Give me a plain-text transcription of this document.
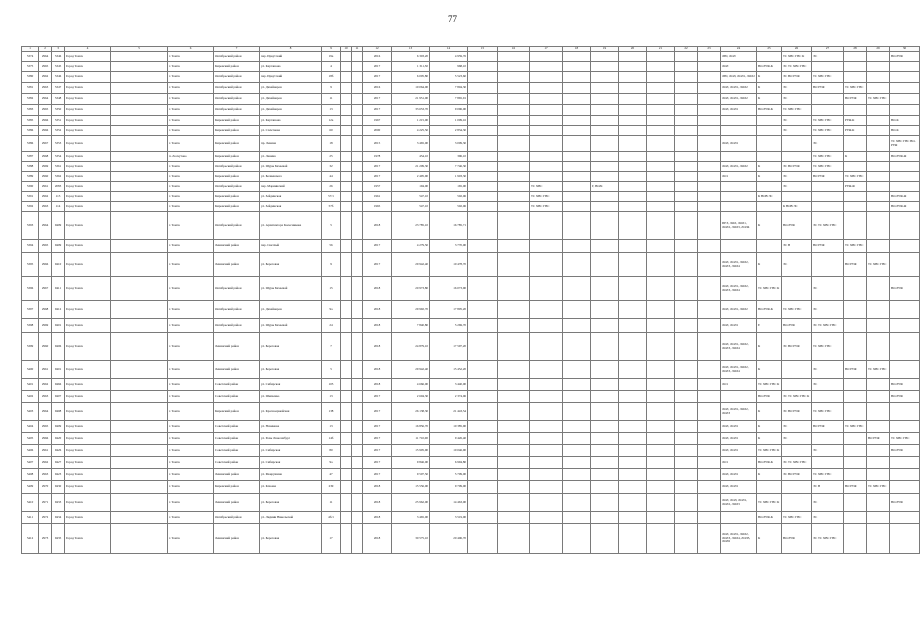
77
1	2	3	4	5	6	7	8	9	10	11	12	13	14	15	16	17	18	19	20	21	22	23	24	25	26	27	28	29	30
5374	2964	5346	Город Томск		г. Томск	Октябрьский район	пер. Иркутский	19а			2016	6 303,20	4 959,76										ЛЮ, ЛОЛ		ТС ХВС ГВС К	ЭС			ВО-РУФ
5375	2965	5345	Город Томск		г. Томск	Кировский район	ул. Карташова	4			2017	1 311,30	968,10										ЛОЛ	ВО-РУФ-К	ЭС ТС ХВС ГВС				
5380	2962	5346	Город Томск		г. Томск	Октябрьский район	пер. Иркутский	18б			2017	6 005,80	5 523,60										ЛЮ, ЛОЛ, ЛОЛ1, ЛОЛ2	К	ЭС ВО РУФ	ТС ХВС ГВС			
5381	2963	5347	Город Томск		г. Томск	Октябрьский район	ул. Дизайнеров	9			2016	10 064,00	7 804,30										ЛОЛ, ЛОЛ1, ЛОЛ2	К	ЭС	ВО РУФ	ТС ХВС ГВС		
5382	2964	5348	Город Томск		г. Томск	Октябрьский район	ул. Дизайнеров	11			2017	21 951,00	7 865,91										ЛОЛ, ЛОЛ1, ЛОЛ2	К	ЭС		ВО РУФ	ТС ХВС ГВС	
5383	2965	5350	Город Томск		г. Томск	Октябрьский район	ул. Дизайнеров	13			2017	33 653,70	9 096,00										ЛОЛ, ЛОЛ1	ВО-РУФ-К	ТС ХВС ГВС				
5385	2966	5351	Город Томск		г. Томск	Кировский район	ул. Карташова	12а			1967	1 215,00	1 009,16												ЭС	ТС ХВС ГВС	РУФ-К		ВО-К
5386	2966	5352	Город Томск		г. Томск	Кировский район	ул. Сплетнова	60			2000	4 225,50	2 834,30												ЭС	ТС ХВС ГВС	РУФ-К		ВО-К
5386	2967	5353	Город Томск		г. Томск	Кировский район	пр. Ленина	18			2015	3 465,00	3 009,30										ЛОЛ, ЛОЛ1			ЭС			ТС ХВС ГВС ВО-РУФ
5387	2968	5354	Город Томск		п. Лоскутово	Кировский район	ул. Ленина	25			1978	454,10	396,10													ТС ХВС ГВС	К		ВО-РУФ-Ф
5388	2969	5361	Город Томск		г. Томск	Октябрьский район	ул. Шуры Бахаевой	32			2017	21 209,30	7 746,30										ЛОЛ, ЛОЛ1, ЛОЛ2	К	ЭС ВО РУФ	ТС ХВС ГВС			
5389	2960	5362	Город Томск		г. Томск	Кировский район	ул. Беляевского	44			2017	2 495,90	1 903,30										ЛО1	К	ЭС	ВО РУФ	ТС ХВС ГВС		
5390	2961	2083	Город Томск		г. Томск	Октябрьский район	пер. Мариинский	26			1957	194,00	165,00			ТС ХВС		Г, ВО/К							ЭС		РУФ-Ф		
5391	2962	113	Город Томск		г. Томск	Кировский район	ул. Зейдинская	57/1			1961	547,10	502,06			ТС ХВС ГВС								К НОВ ЭС					ВО-РУФ-Ф
5392	2963	114	Город Томск		г. Томск	Кировский район	ул. Зейдинская	57б			1965	547,10	502,06			ТС ХВС ГВС									К НОВ ЭС				ВО-РУФ-Ф
5393	2964	9409	Город Томск		г. Томск	Октябрьский район	ул. Архитектора Колесникова	5			2018	23 785,10	16 785,71										ПРЭ, ЛОЛ, ЛОЛ1, ЛОЛ2, ЛОЛ3, ЛОЛ4	К	ВО-РУФ	ЭС ТС ХВС ГВС			
5394	2965	9409	Город Томск		г. Томск	Ленинский район	пер. Светлый	56			2017	4 279,50	3 770,00												ЭС В	ВО РУФ	ТС ХВС ГВС		
5395	2966	9410	Город Томск		г. Томск	Ленинский район	ул. Береговая	9			2017	29 942,40	10 478,70										ЛОЛ, ЛОЛ1, ЛОЛ2, ЛОЛ3, ЛОЛ4	К	ЭС		ВО РУФ	ТС ХВС ГВС	
5396	2967	9411	Город Томск		г. Томск	Октябрьский район	ул. Шуры Бахаевой	15			2018	20 973,80	16 073,90										ЛОЛ, ЛОЛ1, ЛОЛ2, ЛОЛ3, ЛОЛ4	ТС ХВС ГВС К		ЭС			ВО-РУФ
5397	2968	9412	Город Томск		г. Томск	Октябрьский район	ул. Дизайнеров	9а			2018	29 992,70	17 805,20										ЛОЛ, ЛОЛ1, ЛОЛ2	ВО-РУФ-К	ТС ХВС ГВС	ЭС			
5398	2969	9401	Город Томск		г. Томск	Октябрьский район	ул. Шуры Бахаевой	24			2018	7 840,80	5 269,70										ЛОЛ, ЛОЛ1	Е	ВО-РУФ	ЭС ТС ХВС ГВС			
5399	2960	9406	Город Томск		г. Томск	Ленинский район	ул. Береговая	7			2018	24 879,10	17 597,20										ЛОЛ, ЛОЛ1, ЛОЛ2, ЛОЛ3, ЛОЛ4	К	ЭС ВО РУФ	ТС ХВС ГВС			
5400	2961	9401	Город Томск		г. Томск	Ленинский район	ул. Береговая	5			2018	29 942,40	15 452,20										ЛОЛ, ЛОЛ1, ЛОЛ2, ЛОЛ3, ЛОЛ4	К		ЭС	ВО РУФ	ТС ХВС ГВС	
5401	2962	9466	Город Томск		г. Томск	Советский район	ул. Сибирская	105			2018	4 666,00	3 440,00										ЛО1	ТС ХВС ГВС К		ЭС			ВО-РУФ
5402	2963	9407	Город Томск		г. Томск	Советский район	ул. Шевченко	13			2017	2 604,30	2 374,06											ВО-РУФ	ЭС ТС ХВС ГВС К				ВО-РУФ
5403	2964	9408	Город Томск		г. Томск	Кировский район	ул. Красноармейская	138			2017	26 138,30	21 443,54										ЛОЛ, ЛОЛ1, ЛОЛ2, ЛОЛ3	К	ЭС ВО РУФ	ТС ХВС ГВС			
5404	2965	9409	Город Томск		г. Томск	Советский район	ул. Нахимова	13			2017	16 856,70	10 385,90										ЛОЛ, ЛОЛ1	К	ЭС	ВО РУФ	ТС ХВС ГВС		
5405	2966	9420	Город Томск		г. Томск	Советский район	ул. Розы Люксембург	14б			2017	11 710,00	9 426,40										ЛОЛ, ЛОЛ1	К	ЭС			ВО РУФ	ТС ХВС ГВС
5406	2961	9426	Город Томск		г. Томск	Советский район	ул. Сибирская	80			2017	15 905,90	10 046,90										ЛОЛ, ЛОЛ1	ТС ХВС ГВС К		ЭС			ВО-РУФ
5407	2962	9427	Город Томск		г. Томск	Советский район	ул. Сибирская	9а			2017	9 846,00	6 994,80										ЛО1	ВО-РУФ-К	ЭС ТС ХВС ГВС				
5408	2963	9423	Город Томск		г. Томск	Ленинский район	ул. Мокрушина	47			2017	9 507,50	5 709,00										ЛОЛ, ЛОЛ1	К	ЭС ВО РУФ	ТС ХВС ГВС			
5409	2970	9430	Город Томск		г. Томск	Кировский район	ул. Клюева	239			2018	15 556,00	9 709,00										ЛОЛ, ЛОЛ1			ЭС В	ВО РУФ	ТС ХВС ГВС	
5410	2971	9433	Город Томск		г. Томск	Ленинский район	ул. Береговая	11			2018	25 962,00	14 463,00										ЛОЛ, ЛОЛ, ЛОЛ1, ЛОЛ2, ЛОЛ3	ТС ХВС ГВС К		ЭС			ВО-РУФ
5411	2972	9434	Город Томск		г. Томск	Октябрьский район	ул. Лидиии Никольской	4б/1			2018	3 465,00	3 519,00											ВО-РУФ-К	ТС ХВС ГВС	ЭС			
5412	2973	9435	Город Томск		г. Томск	Ленинский район	ул. Береговая	17			2018	30 575,10	20 406,70										ЛОЛ, ЛОЛ1, ЛОЛ2, ЛОЛ3, ЛОЛ4, ЛОЛ5, ЛОЛ6	К	ВО-РУФ	ЭС ТС ХВС ГВС			
